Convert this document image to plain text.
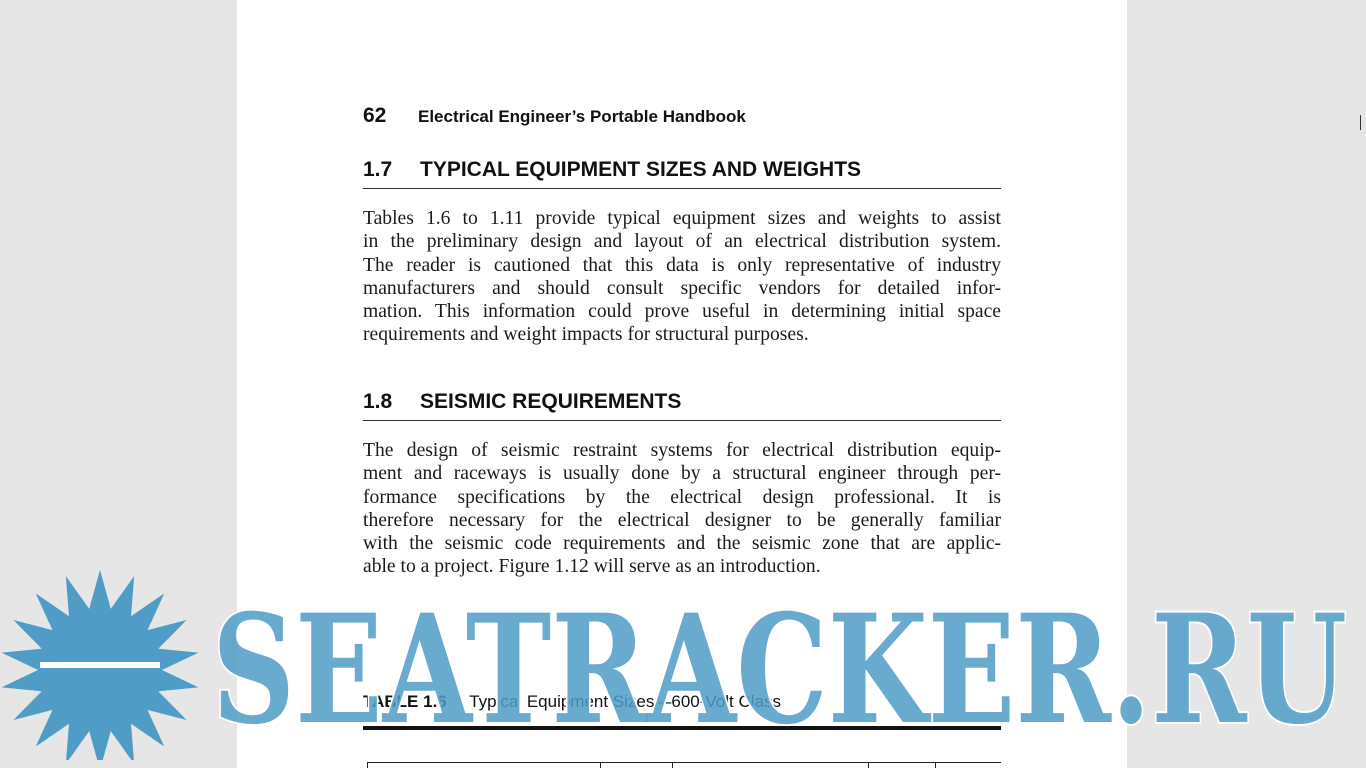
62	Electrical Engineer’s Portable Handbook
1.7	TYPICAL EQUIPMENT SIZES AND WEIGHTS
Tables 1.6 to 1.11 provide typical equipment sizes and weights to assist
in the preliminary design and layout of an electrical distribution system.
The reader is cautioned that this data is only representative of industry
manufacturers and should consult specific vendors for detailed infor-
mation. This information could prove useful in determining initial space
requirements and weight impacts for structural purposes.
1.8	SEISMIC REQUIREMENTS
The design of seismic restraint systems for electrical distribution equip-
ment and raceways is usually done by a structural engineer through per-
formance specifications by the electrical design professional. It is
therefore necessary for the electrical designer to be generally familiar
with the seismic code requirements and the seismic zone that are applic-
able to a project. Figure 1.12 will serve as an introduction.
TABLE 1.6 Typical Equipment Sizes—600-Volt Class
SEATRACKER.RU
